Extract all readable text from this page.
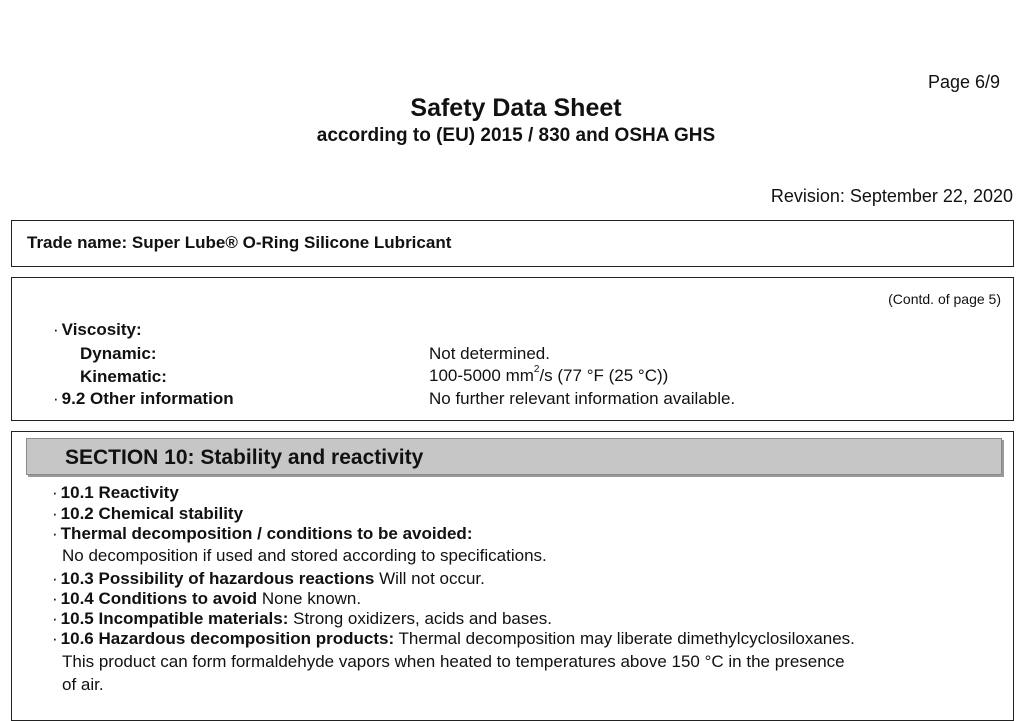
Page 6/9
Safety Data Sheet
according to (EU) 2015 / 830 and OSHA GHS
Revision: September 22, 2020
Trade name: Super Lube® O-Ring Silicone Lubricant
(Contd. of page 5)
· Viscosity:
Dynamic:	Not determined.
Kinematic:	100-5000 $mm^2/s$ (77 °F (25 °C))
· 9.2 Other information	No further relevant information available.
SECTION 10: Stability and reactivity
· 10.1 Reactivity
· 10.2 Chemical stability
· Thermal decomposition / conditions to be avoided:
No decomposition if used and stored according to specifications.
· 10.3 Possibility of hazardous reactions Will not occur.
· 10.4 Conditions to avoid None known.
· 10.5 Incompatible materials: Strong oxidizers, acids and bases.
· 10.6 Hazardous decomposition products: Thermal decomposition may liberate dimethylcyclosiloxanes.
This product can form formaldehyde vapors when heated to temperatures above 150 °C in the presence
of air.
